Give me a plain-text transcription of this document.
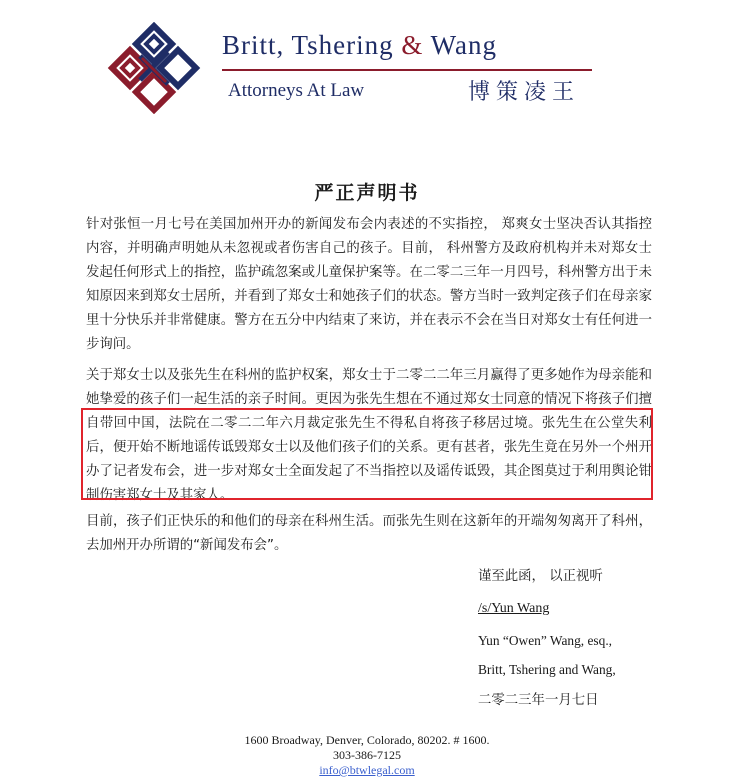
Britt, Tshering & Wang
Attorneys At Law	博策凌王
严正声明书

针对张恒一月七号在美国加州开办的新闻发布会内表述的不实指控， 郑爽女士坚决否认其指控内容，并明确声明她从未忽视或者伤害自己的孩子。目前， 科州警方及政府机构并未对郑女士发起任何形式上的指控，监护疏忽案或儿童保护案等。在二零二三年一月四号，科州警方出于未知原因来到郑女士居所，并看到了郑女士和她孩子们的状态。警方当时一致判定孩子们在母亲家里十分快乐并非常健康。警方在五分中内结束了来访，并在表示不会在当日对郑女士有任何进一步询问。

关于郑女士以及张先生在科州的监护权案，郑女士于二零二二年三月赢得了更多她作为母亲能和她挚爱的孩子们一起生活的亲子时间。更因为张先生想在不通过郑女士同意的情况下将孩子们擅自带回中国，法院在二零二二年六月裁定张先生不得私自将孩子移居过境。张先生在公堂失利后，便开始不断地谣传诋毁郑女士以及他们孩子们的关系。更有甚者，张先生竟在另外一个州开办了记者发布会，进一步对郑女士全面发起了不当指控以及谣传诋毁，其企图莫过于利用舆论钳制伤害郑女士及其家人。

目前，孩子们正快乐的和他们的母亲在科州生活。而张先生则在这新年的开端匆匆离开了科州，去加州开办所谓的“新闻发布会”。

谨至此函， 以正视听
/s/Yun Wang
Yun “Owen” Wang, esq.,
Britt, Tshering and Wang,
二零二三年一月七日
1600 Broadway, Denver, Colorado, 80202. # 1600.
303-386-7125
info@btwlegal.com
